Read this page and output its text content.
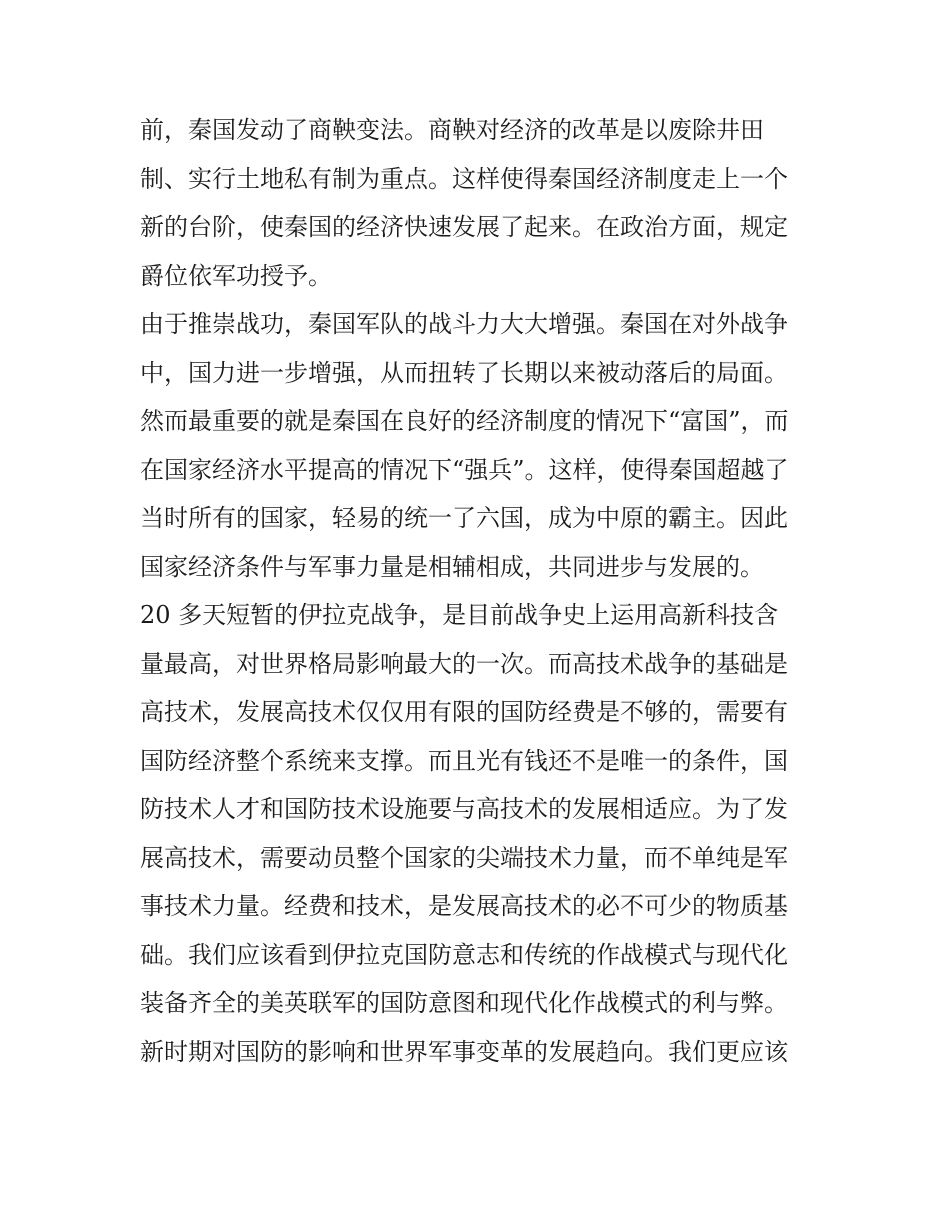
前，秦国发动了商鞅变法。商鞅对经济的改革是以废除井田
制、实行土地私有制为重点。这样使得秦国经济制度走上一个
新的台阶，使秦国的经济快速发展了起来。在政治方面，规定
爵位依军功授予。
由于推崇战功，秦国军队的战斗力大大增强。秦国在对外战争
中，国力进一步增强，从而扭转了长期以来被动落后的局面。
然而最重要的就是秦国在良好的经济制度的情况下“富国”，而
在国家经济水平提高的情况下“强兵”。这样，使得秦国超越了
当时所有的国家，轻易的统一了六国，成为中原的霸主。因此
国家经济条件与军事力量是相辅相成，共同进步与发展的。
20 多天短暂的伊拉克战争，是目前战争史上运用高新科技含
量最高，对世界格局影响最大的一次。而高技术战争的基础是
高技术，发展高技术仅仅用有限的国防经费是不够的，需要有
国防经济整个系统来支撑。而且光有钱还不是唯一的条件，国
防技术人才和国防技术设施要与高技术的发展相适应。为了发
展高技术，需要动员整个国家的尖端技术力量，而不单纯是军
事技术力量。经费和技术，是发展高技术的必不可少的物质基
础。我们应该看到伊拉克国防意志和传统的作战模式与现代化
装备齐全的美英联军的国防意图和现代化作战模式的利与弊。
新时期对国防的影响和世界军事变革的发展趋向。我们更应该
